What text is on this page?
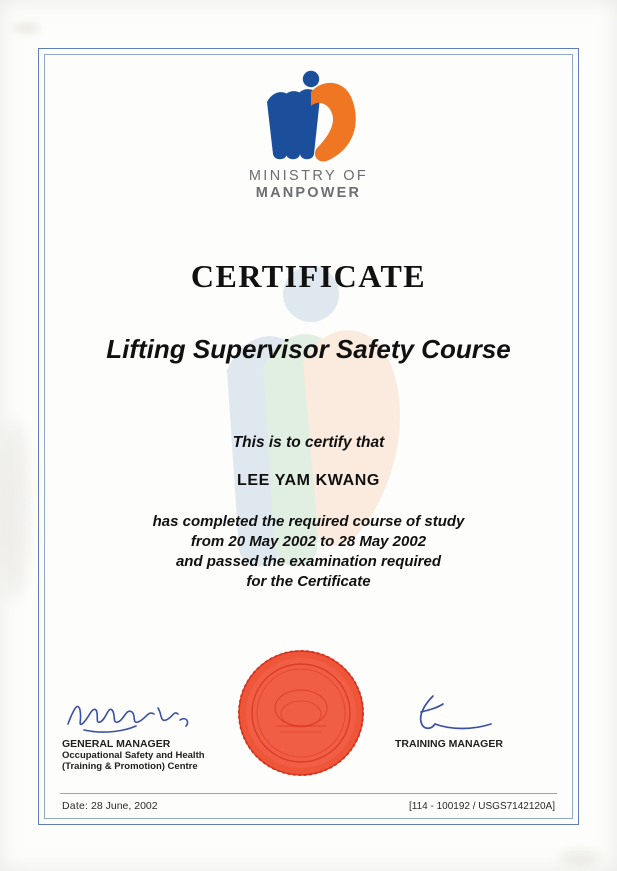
MINISTRY OF
MANPOWER
CERTIFICATE
Lifting Supervisor Safety Course
This is to certify that
LEE YAM KWANG
has completed the required course of study
from 20 May 2002 to 28 May 2002
and passed the examination required
for the Certificate
GENERAL MANAGER
Occupational Safety and Health
(Training & Promotion) Centre
TRAINING MANAGER
Date: 28 June, 2002	[114 - 100192 / USGS7142120A]
